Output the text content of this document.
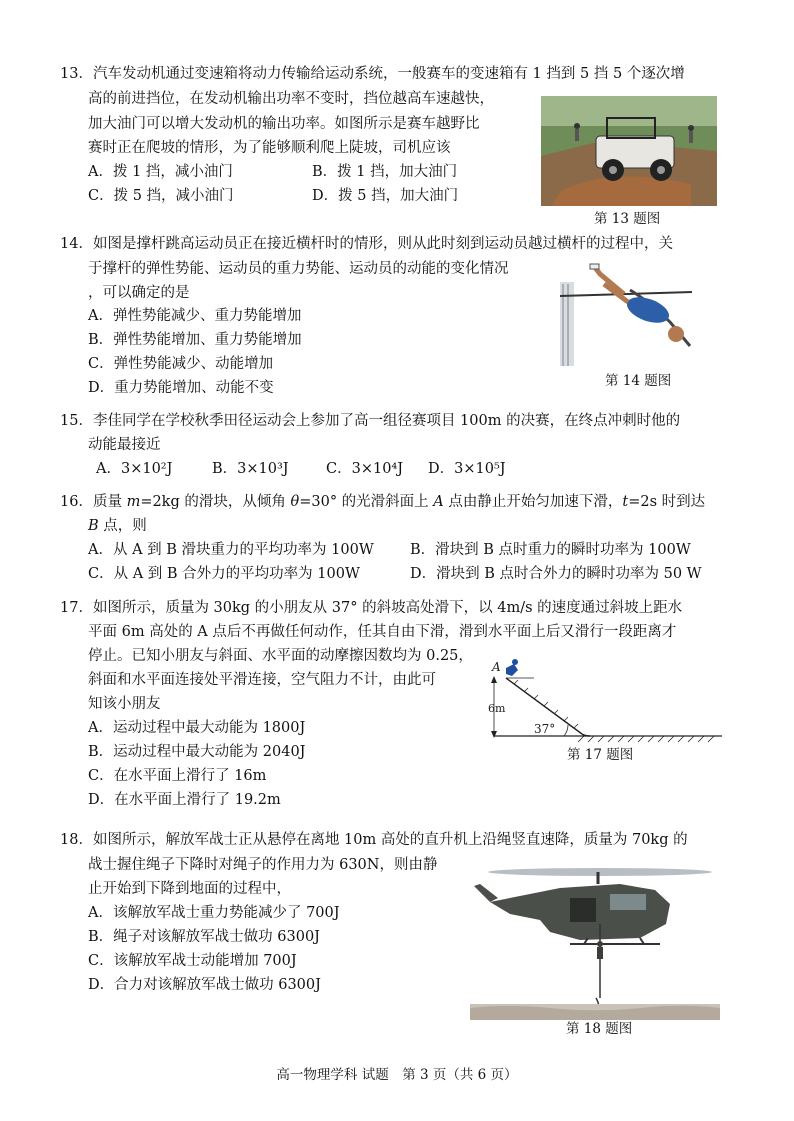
13．汽车发动机通过变速箱将动力传输给运动系统，一般赛车的变速箱有 1 挡到 5 挡 5 个逐次增
高的前进挡位，在发动机输出功率不变时，挡位越高车速越快，
加大油门可以增大发动机的输出功率。如图所示是赛车越野比
赛时正在爬坡的情形，为了能够顺利爬上陡坡，司机应该
A．拨 1 挡，减小油门	B．拨 1 挡，加大油门
C．拨 5 挡，减小油门	D．拨 5 挡，加大油门
第 13 题图
14．如图是撑杆跳高运动员正在接近横杆时的情形，则从此时刻到运动员越过横杆的过程中，关
于撑杆的弹性势能、运动员的重力势能、运动员的动能的变化情况
，可以确定的是
A．弹性势能减少、重力势能增加
B．弹性势能增加、重力势能增加
C．弹性势能减少、动能增加
D．重力势能增加、动能不变	第 14 题图
15．李佳同学在学校秋季田径运动会上参加了高一组径赛项目 100m 的决赛，在终点冲刺时他的
动能最接近
A．3×10²J	B．3×10³J	C．3×10⁴J D．3×10⁵J
16．质量 m=2kg 的滑块，从倾角 θ=30° 的光滑斜面上 A 点由静止开始匀加速下滑，t=2s 时到达
B 点，则
A．从 A 到 B 滑块重力的平均功率为 100W	B．滑块到 B 点时重力的瞬时功率为 100W
C．从 A 到 B 合外力的平均功率为 100W	D．滑块到 B 点时合外力的瞬时功率为 50 W
17．如图所示，质量为 30kg 的小朋友从 37° 的斜坡高处滑下，以 4m/s 的速度通过斜坡上距水
平面 6m 高处的 A 点后不再做任何动作，任其自由下滑，滑到水平面上后又滑行一段距离才
停止。已知小朋友与斜面、水平面的动摩擦因数均为 0.25，
斜面和水平面连接处平滑连接，空气阻力不计，由此可
知该小朋友
A．运动过程中最大动能为 1800J
B．运动过程中最大动能为 2040J
C．在水平面上滑行了 16m
D．在水平面上滑行了 19.2m
A
6m
37°
第 17 题图
18．如图所示，解放军战士正从悬停在离地 10m 高处的直升机上沿绳竖直速降，质量为 70kg 的
战士握住绳子下降时对绳子的作用力为 630N，则由静
止开始到下降到地面的过程中，
A．该解放军战士重力势能减少了 700J
B．绳子对该解放军战士做功 6300J
C．该解放军战士动能增加 700J
D．合力对该解放军战士做功 6300J
第 18 题图
高一物理学科 试题　第 3 页（共 6 页）
